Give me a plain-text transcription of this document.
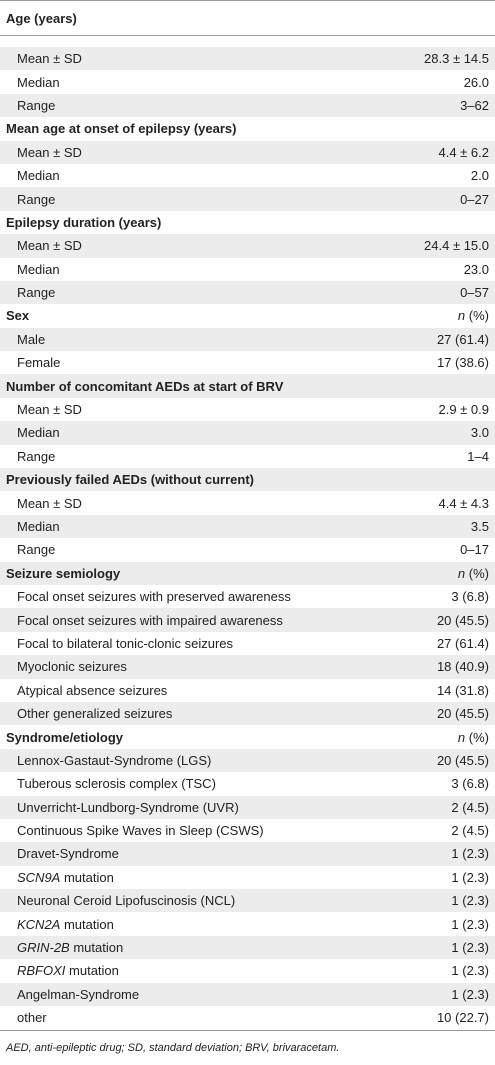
Age (years)
Mean ± SD	28.3 ± 14.5
Median	26.0
Range	3–62
Mean age at onset of epilepsy (years)
Mean ± SD	4.4 ± 6.2
Median	2.0
Range	0–27
Epilepsy duration (years)
Mean ± SD	24.4 ± 15.0
Median	23.0
Range	0–57
Sex	n (%)
Male	27 (61.4)
Female	17 (38.6)
Number of concomitant AEDs at start of BRV
Mean ± SD	2.9 ± 0.9
Median	3.0
Range	1–4
Previously failed AEDs (without current)
Mean ± SD	4.4 ± 4.3
Median	3.5
Range	0–17
Seizure semiology	n (%)
Focal onset seizures with preserved awareness	3 (6.8)
Focal onset seizures with impaired awareness	20 (45.5)
Focal to bilateral tonic-clonic seizures	27 (61.4)
Myoclonic seizures	18 (40.9)
Atypical absence seizures	14 (31.8)
Other generalized seizures	20 (45.5)
Syndrome/etiology	n (%)
Lennox-Gastaut-Syndrome (LGS)	20 (45.5)
Tuberous sclerosis complex (TSC)	3 (6.8)
Unverricht-Lundborg-Syndrome (UVR)	2 (4.5)
Continuous Spike Waves in Sleep (CSWS)	2 (4.5)
Dravet-Syndrome	1 (2.3)
SCN9A mutation	1 (2.3)
Neuronal Ceroid Lipofuscinosis (NCL)	1 (2.3)
KCN2A mutation	1 (2.3)
GRIN-2B mutation	1 (2.3)
RBFOXI mutation	1 (2.3)
Angelman-Syndrome	1 (2.3)
other	10 (22.7)
AED, anti-epileptic drug; SD, standard deviation; BRV, brivaracetam.
